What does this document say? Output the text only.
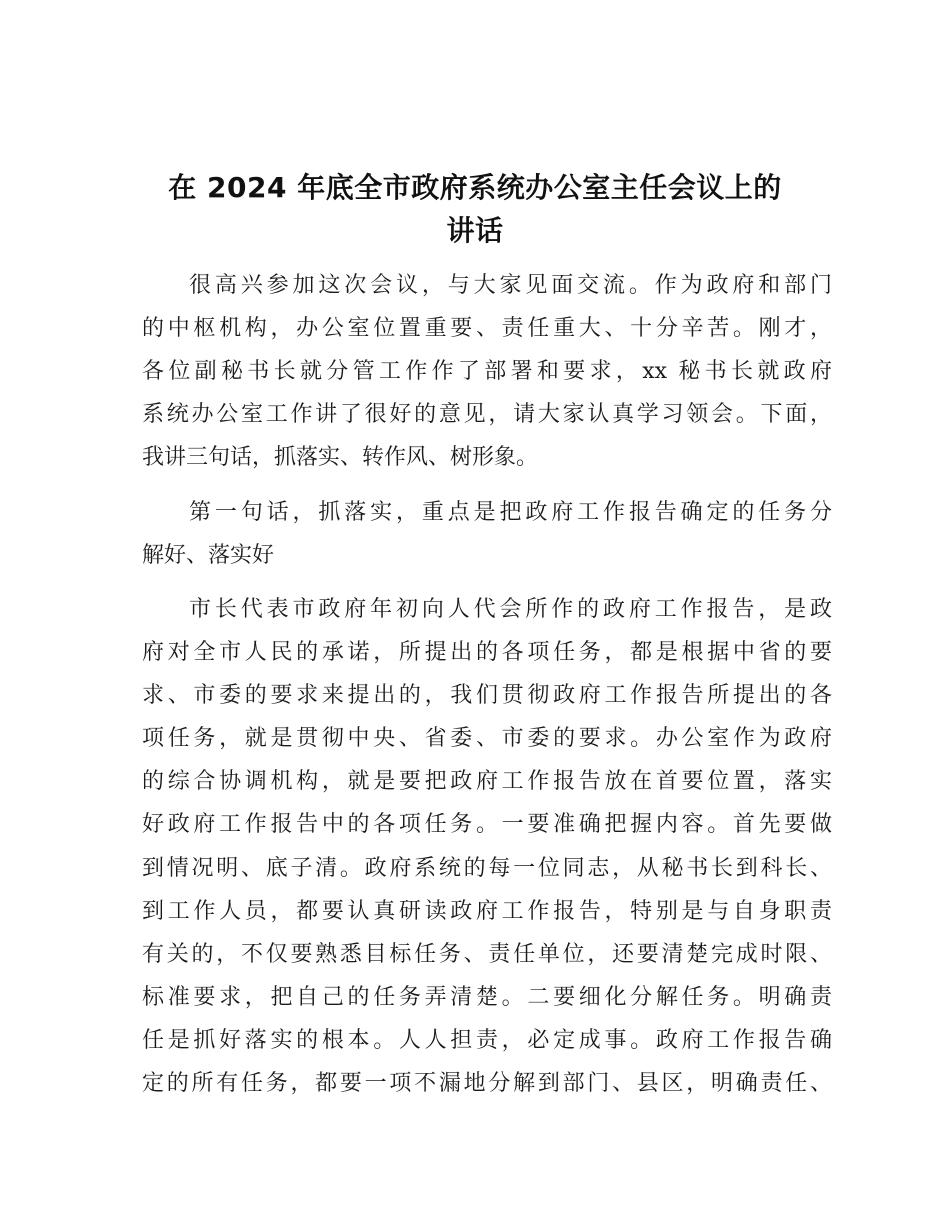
在 2024 年底全市政府系统办公室主任会议上的
讲话
很高兴参加这次会议，与大家见面交流。作为政府和部门
的中枢机构，办公室位置重要、责任重大、十分辛苦。刚才，
各位副秘书长就分管工作作了部署和要求，xx 秘书长就政府
系统办公室工作讲了很好的意见，请大家认真学习领会。下面，
我讲三句话，抓落实、转作风、树形象。
第一句话，抓落实，重点是把政府工作报告确定的任务分
解好、落实好
市长代表市政府年初向人代会所作的政府工作报告，是政
府对全市人民的承诺，所提出的各项任务，都是根据中省的要
求、市委的要求来提出的，我们贯彻政府工作报告所提出的各
项任务，就是贯彻中央、省委、市委的要求。办公室作为政府
的综合协调机构，就是要把政府工作报告放在首要位置，落实
好政府工作报告中的各项任务。一要准确把握内容。首先要做
到情况明、底子清。政府系统的每一位同志，从秘书长到科长、
到工作人员，都要认真研读政府工作报告，特别是与自身职责
有关的，不仅要熟悉目标任务、责任单位，还要清楚完成时限、
标准要求，把自己的任务弄清楚。二要细化分解任务。明确责
任是抓好落实的根本。人人担责，必定成事。政府工作报告确
定的所有任务，都要一项不漏地分解到部门、县区，明确责任、
